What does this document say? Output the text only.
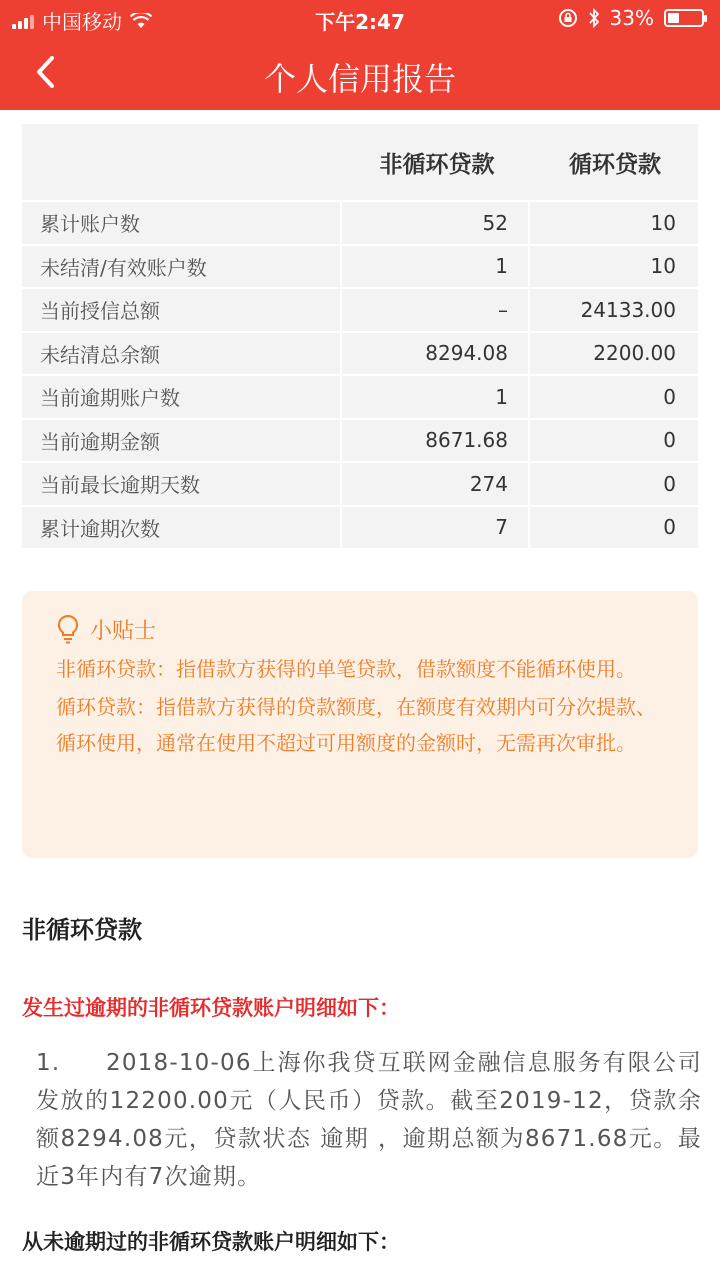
中国移动	下午2:47	33%
个人信用报告
非循环贷款	循环贷款
累计账户数	52	10
未结清/有效账户数	1	10
当前授信总额	–	24133.00
未结清总余额	8294.08	2200.00
当前逾期账户数	1	0
当前逾期金额	8671.68	0
当前最长逾期天数	274	0
累计逾期次数	7	0
小贴士

非循环贷款：指借款方获得的单笔贷款，借款额度不能循环使用。

循环贷款：指借款方获得的贷款额度，在额度有效期内可分次提款、循环使用，通常在使用不超过可用额度的金额时，无需再次审批。

非循环贷款
发生过逾期的非循环贷款账户明细如下：
1. 2018-10-06上海你我贷互联网金融信息服务有限公司发放的12200.00元（人民币）贷款。截至2019-12，贷款余额8294.08元，贷款状态 逾期 ，逾期总额为8671.68元。最近3年内有7次逾期。
从未逾期过的非循环贷款账户明细如下：
